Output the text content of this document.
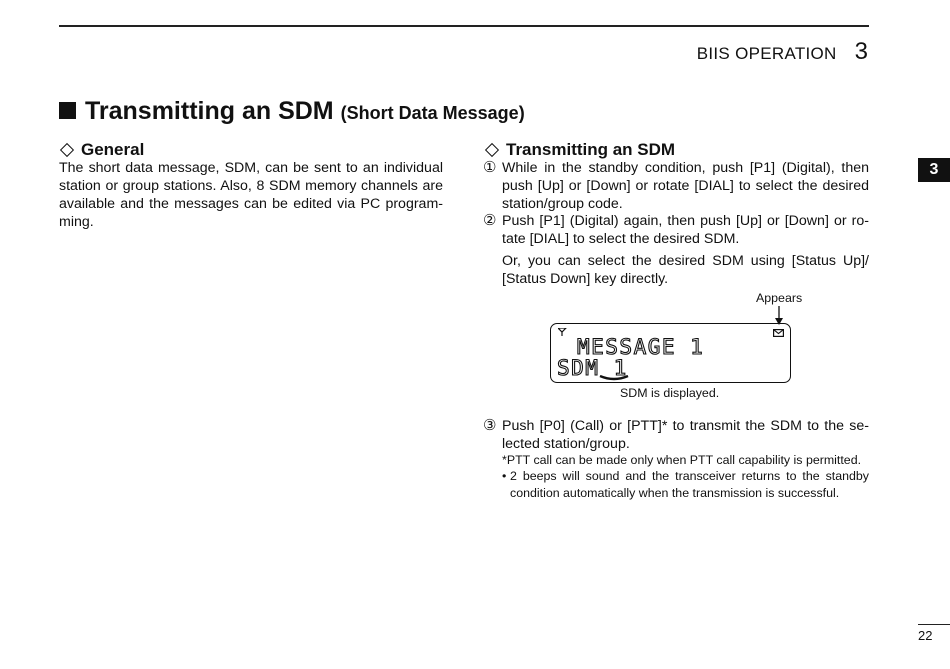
BIIS OPERATION 3
Transmitting an SDM (Short Data Message)
General
The short data message, SDM, can be sent to an individual station or group stations. Also, 8 SDM memory channels are available and the messages can be edited via PC program-ming.
Transmitting an SDM
① While in the standby condition, push [P1] (Digital), then push [Up] or [Down] or rotate [DIAL] to select the desired station/group code.
② Push [P1] (Digital) again, then push [Up] or [Down] or ro-tate [DIAL] to select the desired SDM.
Or, you can select the desired SDM using [Status Up]/ [Status Down] key directly.
Appears
MESSAGE 1
SDM 1
SDM is displayed.
③ Push [P0] (Call) or [PTT]* to transmit the SDM to the se-lected station/group.
*PTT call can be made only when PTT call capability is permitted.
• 2 beeps will sound and the transceiver returns to the standby condition automatically when the transmission is successful.
3
22
